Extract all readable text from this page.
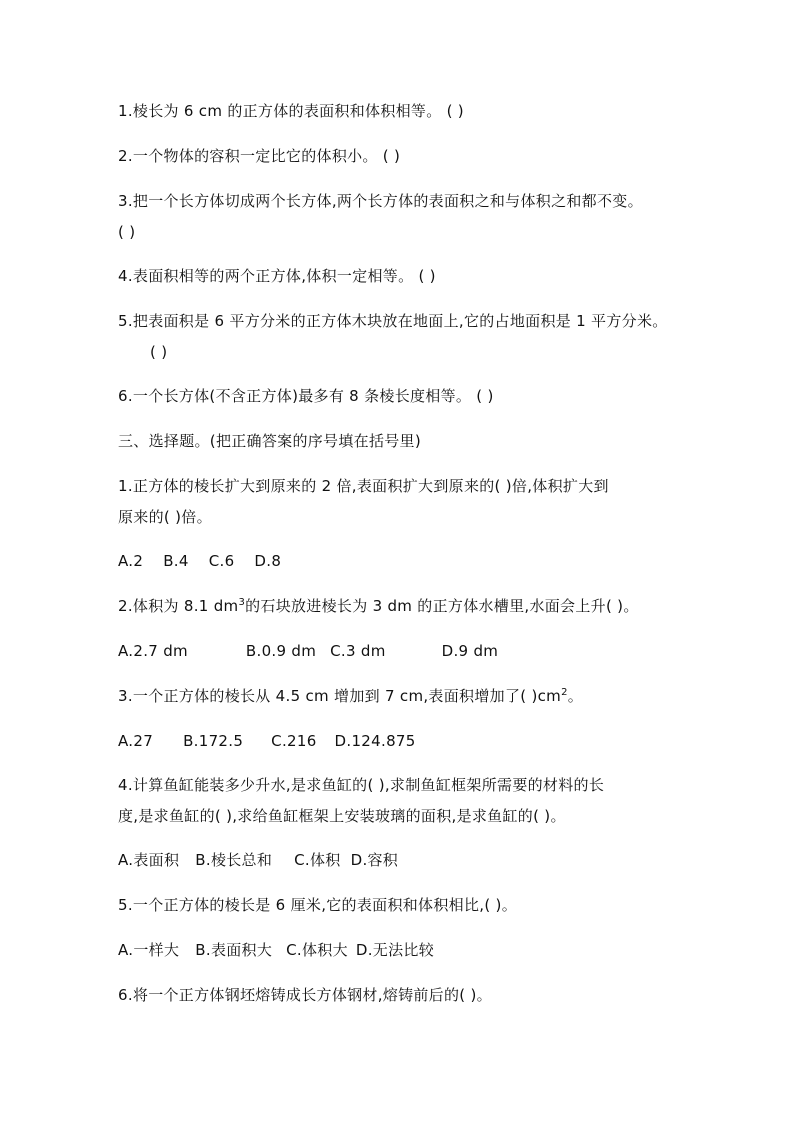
1.棱长为 6 cm 的正方体的表面积和体积相等。 ( )
2.一个物体的容积一定比它的体积小。 ( )
3.把一个长方体切成两个长方体,两个长方体的表面积之和与体积之和都不变。
( )
4.表面积相等的两个正方体,体积一定相等。 ( )
5.把表面积是 6 平方分米的正方体木块放在地面上,它的占地面积是 1 平方分米。
( )
6.一个长方体(不含正方体)最多有 8 条棱长度相等。 ( )
三、选择题。(把正确答案的序号填在括号里)
1.正方体的棱长扩大到原来的 2 倍,表面积扩大到原来的( )倍,体积扩大到
原来的( )倍。
A.2 B.4 C.6 D.8
2.体积为 8.1 $dm^3$的石块放进棱长为 3 dm 的正方体水槽里,水面会上升( )。
A.2.7 dm	B.0.9 dm C.3 dm	D.9 dm
3.一个正方体的棱长从 4.5 cm 增加到 7 cm,表面积增加了( )$cm^2$。
A.27 B.172.5 C.216 D.124.875
4.计算鱼缸能装多少升水,是求鱼缸的( ),求制鱼缸框架所需要的材料的长
度,是求鱼缸的( ),求给鱼缸框架上安装玻璃的面积,是求鱼缸的( )。
A.表面积 B.棱长总和 C.体积 D.容积
5.一个正方体的棱长是 6 厘米,它的表面积和体积相比,( )。
A.一样大 B.表面积大 C.体积大 D.无法比较
6.将一个正方体钢坯熔铸成长方体钢材,熔铸前后的( )。
